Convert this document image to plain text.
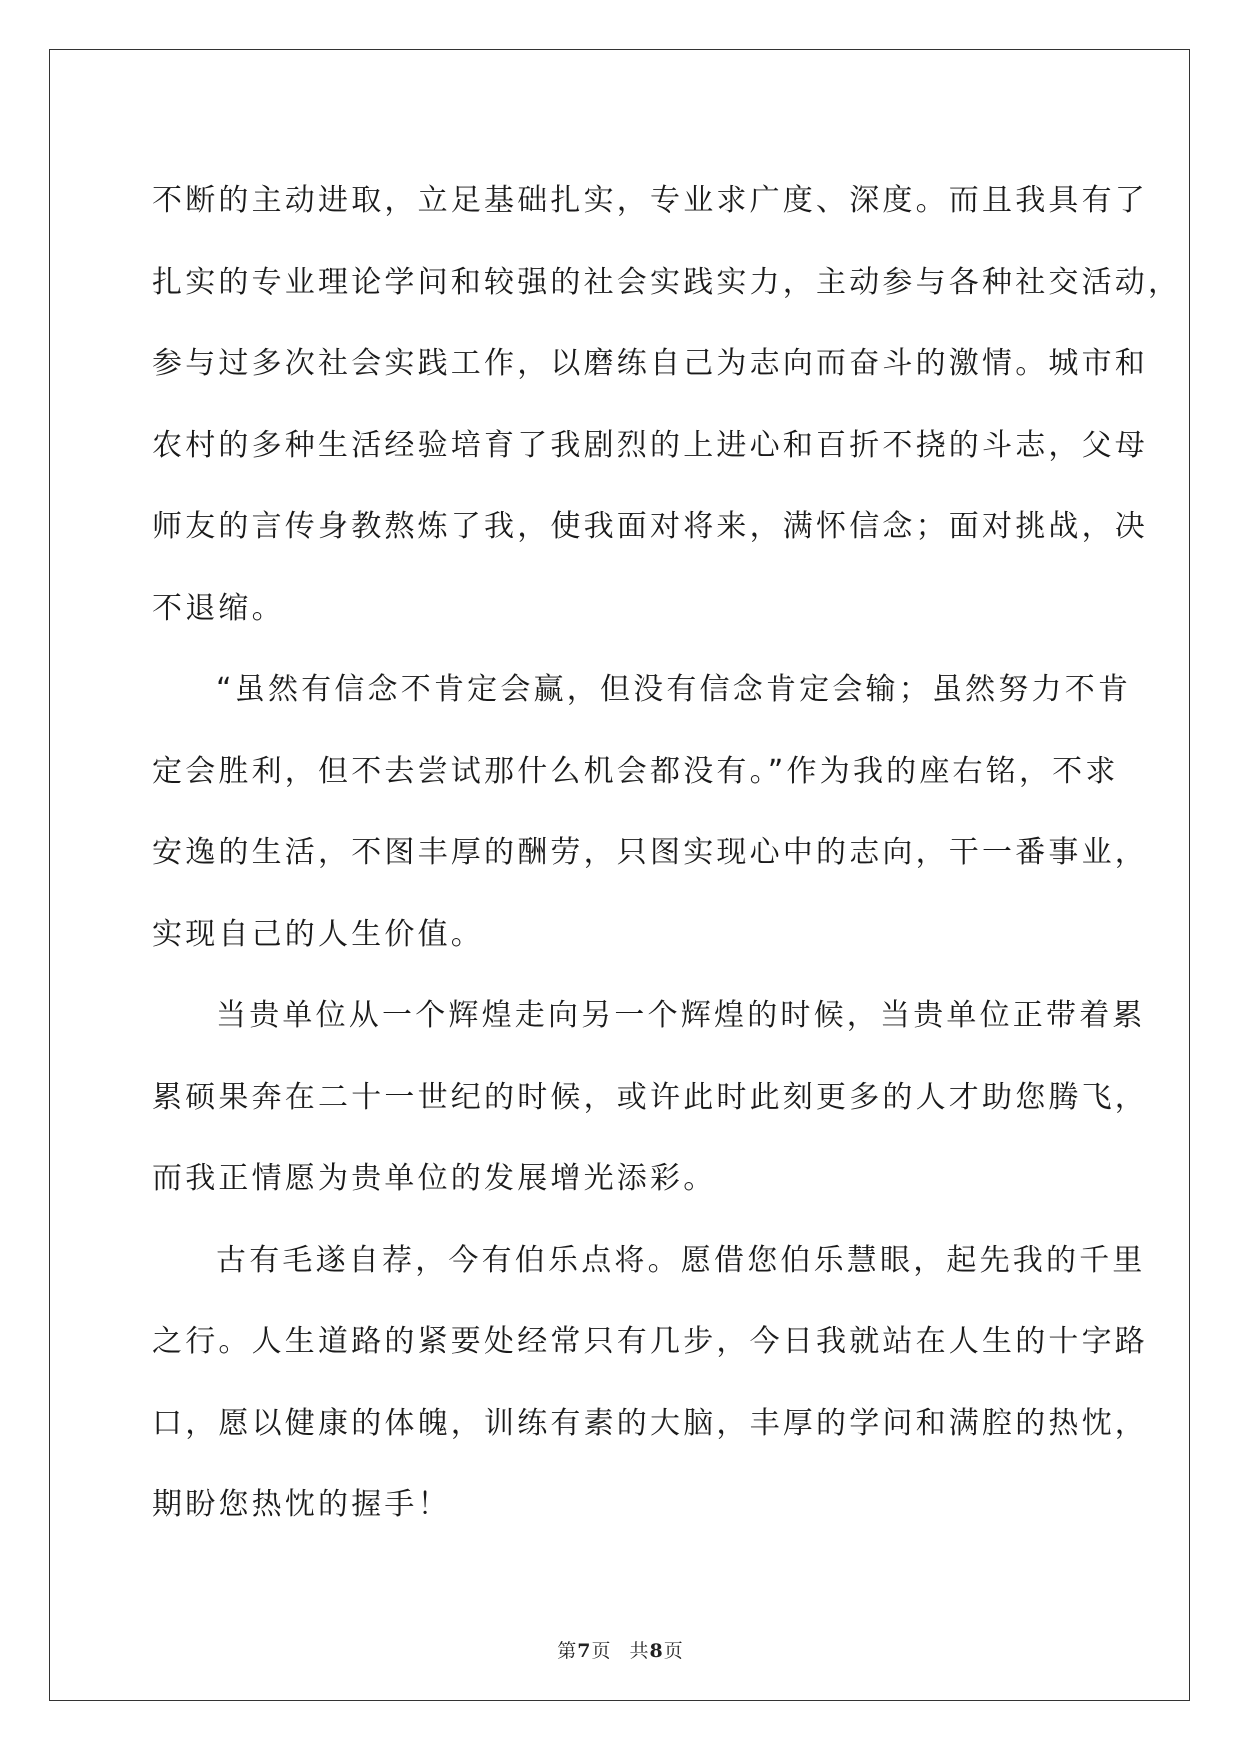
不断的主动进取，立足基础扎实，专业求广度、深度。而且我具有了
扎实的专业理论学问和较强的社会实践实力，主动参与各种社交活动，
参与过多次社会实践工作，以磨练自己为志向而奋斗的激情。城市和
农村的多种生活经验培育了我剧烈的上进心和百折不挠的斗志，父母
师友的言传身教熬炼了我，使我面对将来，满怀信念；面对挑战，决
不退缩。
“虽然有信念不肯定会赢，但没有信念肯定会输；虽然努力不肯
定会胜利，但不去尝试那什么机会都没有。”作为我的座右铭，不求
安逸的生活，不图丰厚的酬劳，只图实现心中的志向，干一番事业，
实现自己的人生价值。
当贵单位从一个辉煌走向另一个辉煌的时候，当贵单位正带着累
累硕果奔在二十一世纪的时候，或许此时此刻更多的人才助您腾飞，
而我正情愿为贵单位的发展增光添彩。
古有毛遂自荐，今有伯乐点将。愿借您伯乐慧眼，起先我的千里
之行。人生道路的紧要处经常只有几步，今日我就站在人生的十字路
口，愿以健康的体魄，训练有素的大脑，丰厚的学问和满腔的热忱，
期盼您热忱的握手！
第7页 共8页
